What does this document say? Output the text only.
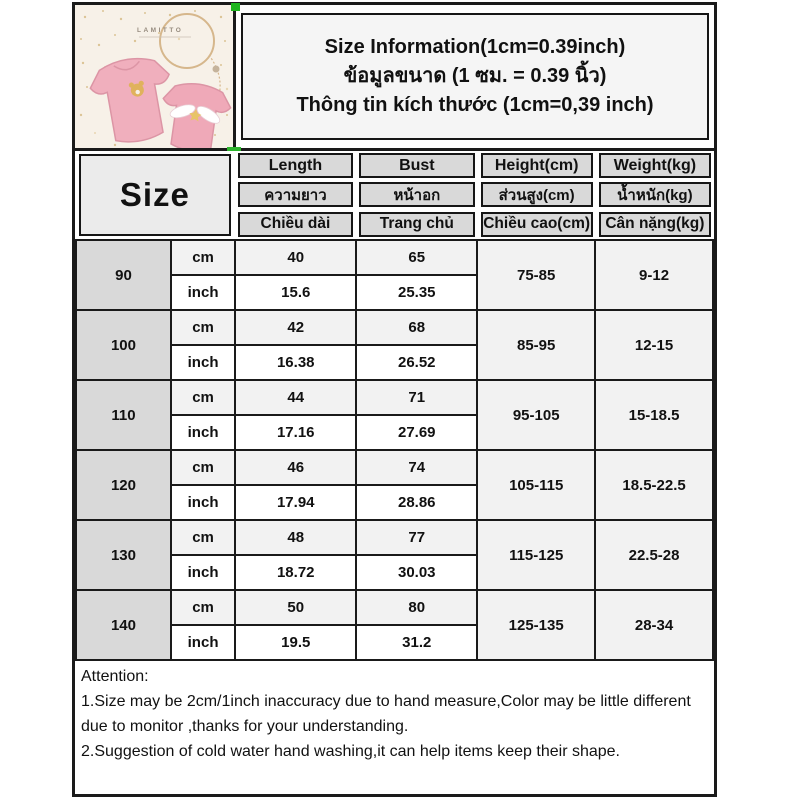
LAMITTO
Size Information(1cm=0.39inch)
ข้อมูลขนาด (1 ซม. = 0.39 นิ้ว)
Thông tin kích thước (1cm=0,39 inch)
Size	Length	Bust	Height(cm)	Weight(kg)

ความยาว	หน้าอก	ส่วนสูง(cm)	น้ำหนัก(kg)

Chiều dài	Trang chủ	Chiều cao(cm)	Cân nặng(kg)
90	cm	40	65	75-85	9-12
	inch	15.6	25.35		
100	cm	42	68	85-95	12-15
	inch	16.38	26.52		
110	cm	44	71	95-105	15-18.5
	inch	17.16	27.69		
120	cm	46	74	105-115	18.5-22.5
	inch	17.94	28.86		
130	cm	48	77	115-125	22.5-28
	inch	18.72	30.03		
140	cm	50	80	125-135	28-34
	inch	19.5	31.2		
Attention:
1.Size may be 2cm/1inch inaccuracy due to hand measure,Color may be little different due to monitor ,thanks for your understanding.
2.Suggestion of cold water hand washing,it can help items keep their shape.
